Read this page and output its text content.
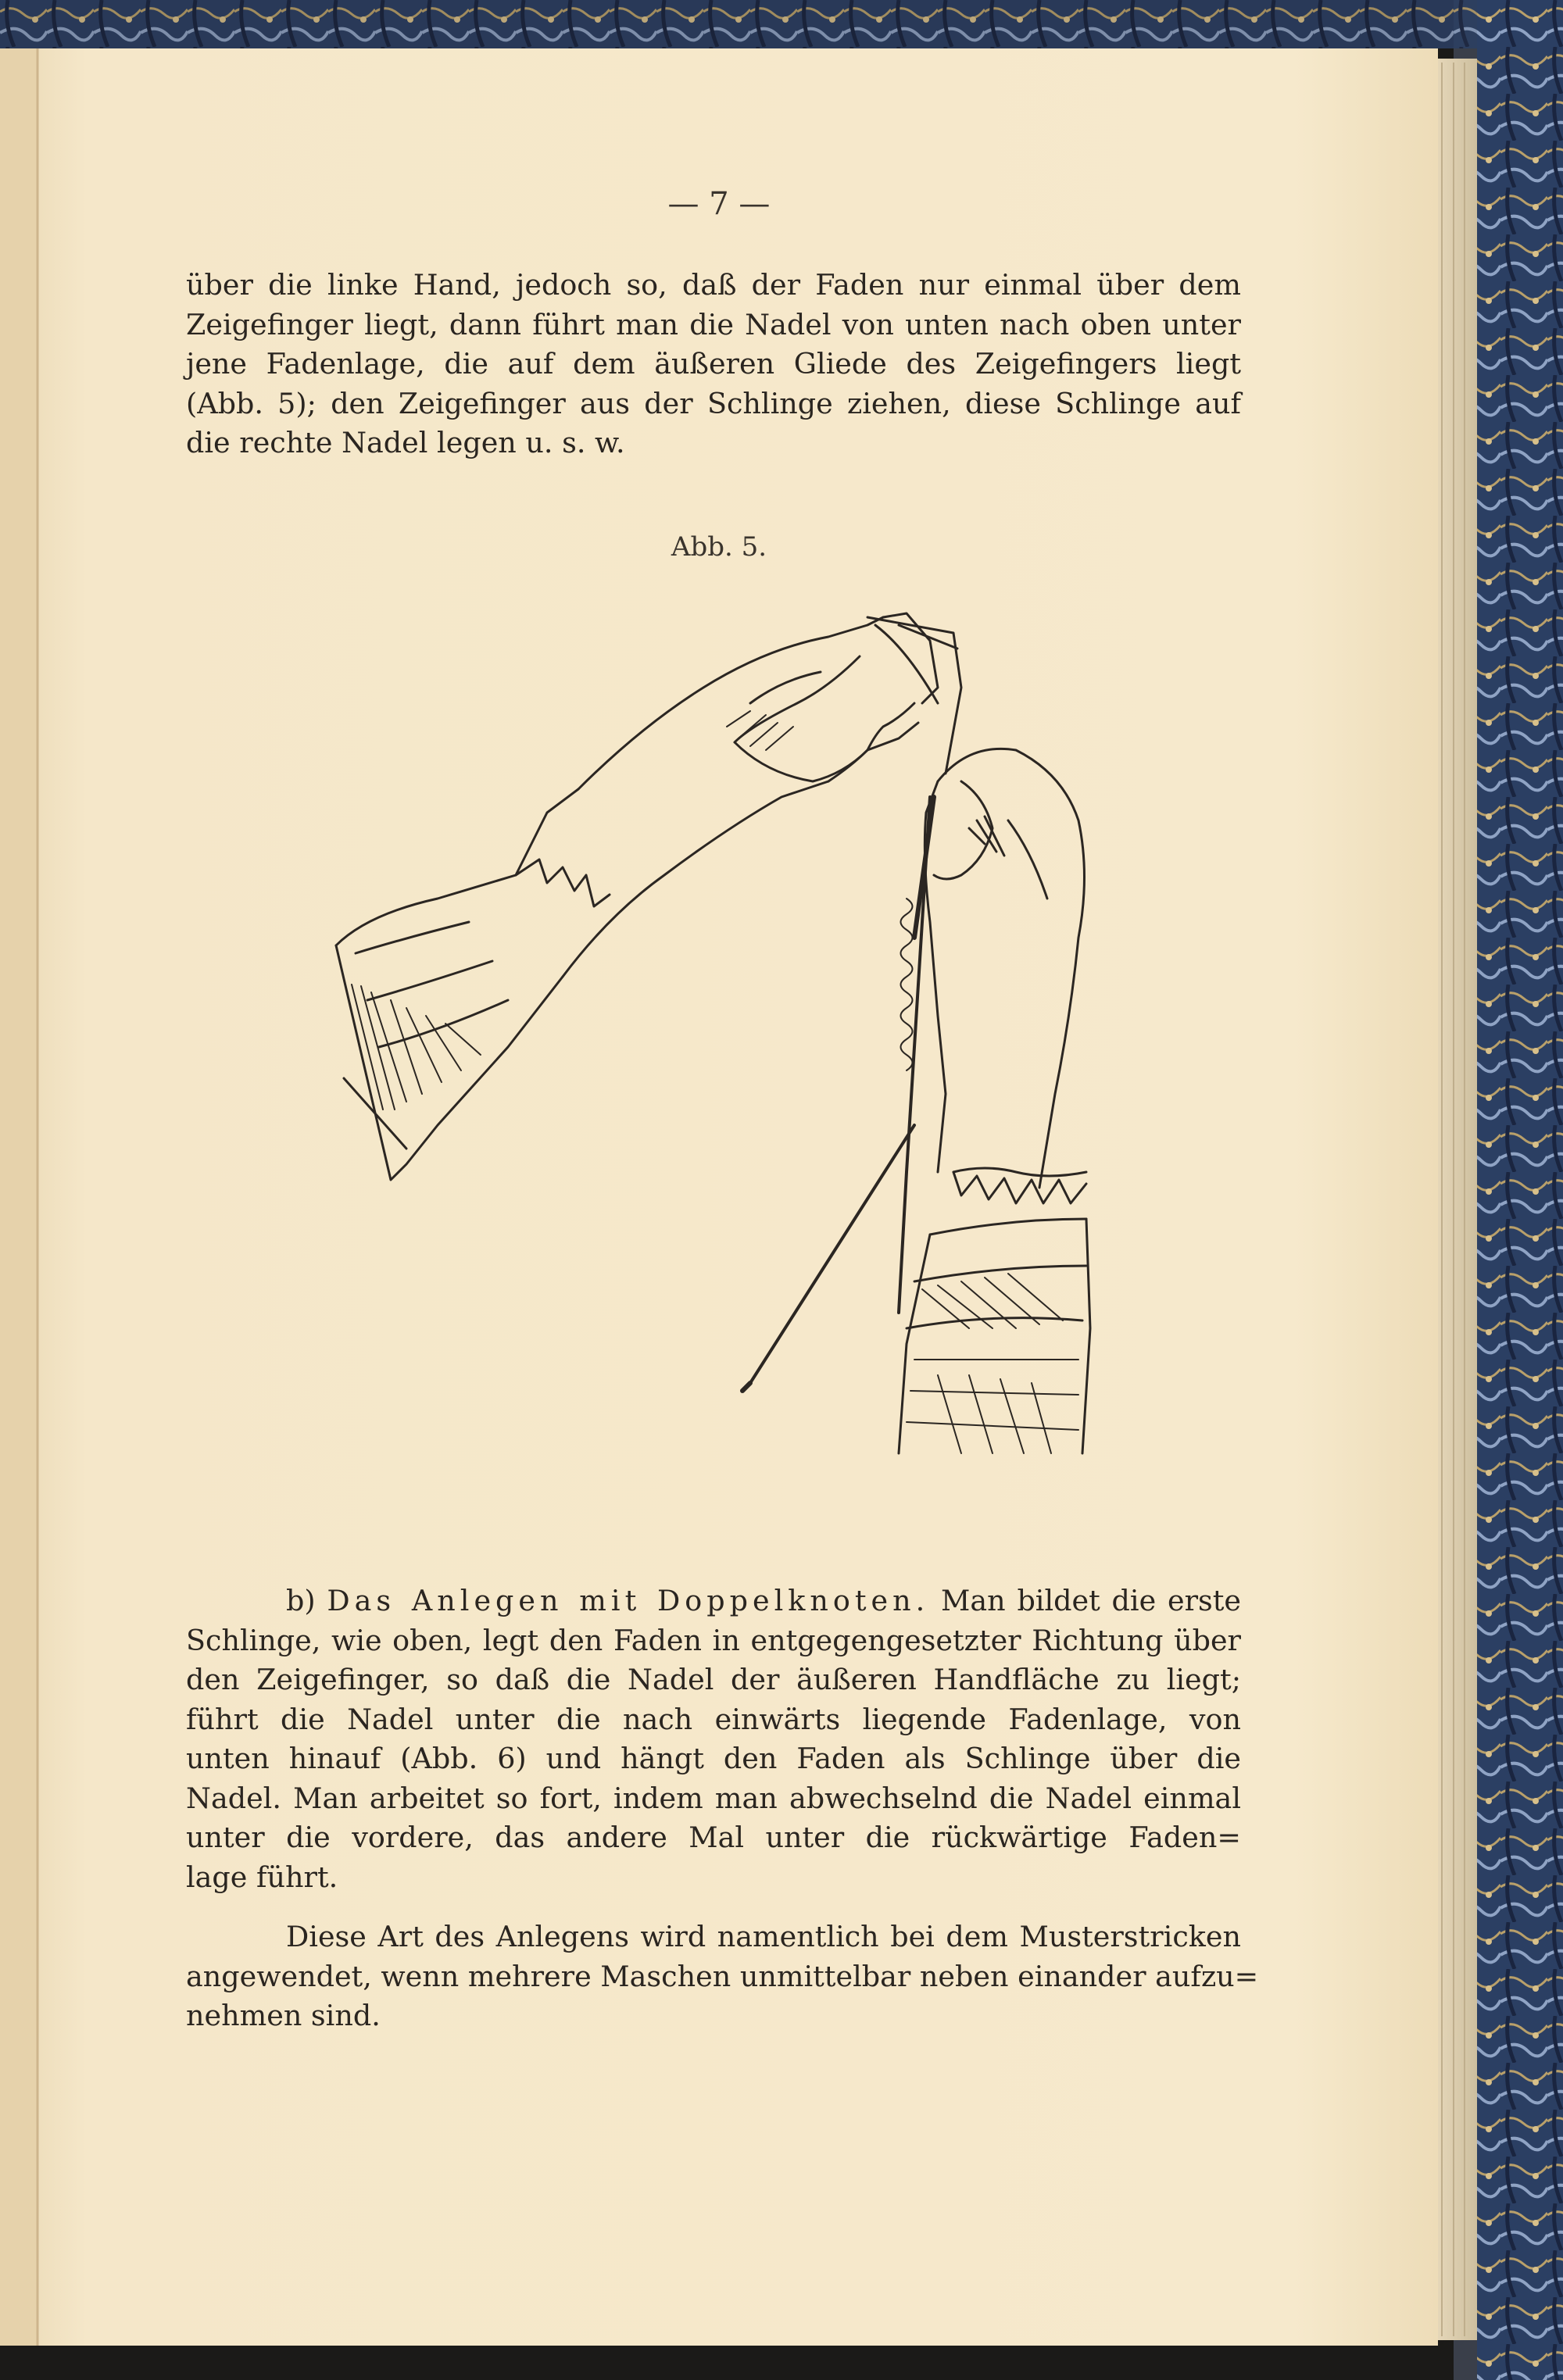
— 7 —
über die linke Hand, jedoch so, daß der Faden nur einmal über dem
Zeigefinger liegt, dann führt man die Nadel von unten nach oben unter
jene Fadenlage, die auf dem äußeren Gliede des Zeigefingers liegt
(Abb. 5); den Zeigefinger aus der Schlinge ziehen, diese Schlinge auf
die rechte Nadel legen u. s. w.
Abb. 5.
b) Das Anlegen mit Doppelknoten. Man bildet die erste
Schlinge, wie oben, legt den Faden in entgegengesetzter Richtung über
den Zeigefinger, so daß die Nadel der äußeren Handfläche zu liegt;
führt die Nadel unter die nach einwärts liegende Fadenlage, von
unten hinauf (Abb. 6) und hängt den Faden als Schlinge über die
Nadel. Man arbeitet so fort, indem man abwechselnd die Nadel einmal
unter die vordere, das andere Mal unter die rückwärtige Faden=
lage führt.
Diese Art des Anlegens wird namentlich bei dem Musterstricken
angewendet, wenn mehrere Maschen unmittelbar neben einander aufzu=
nehmen sind.
